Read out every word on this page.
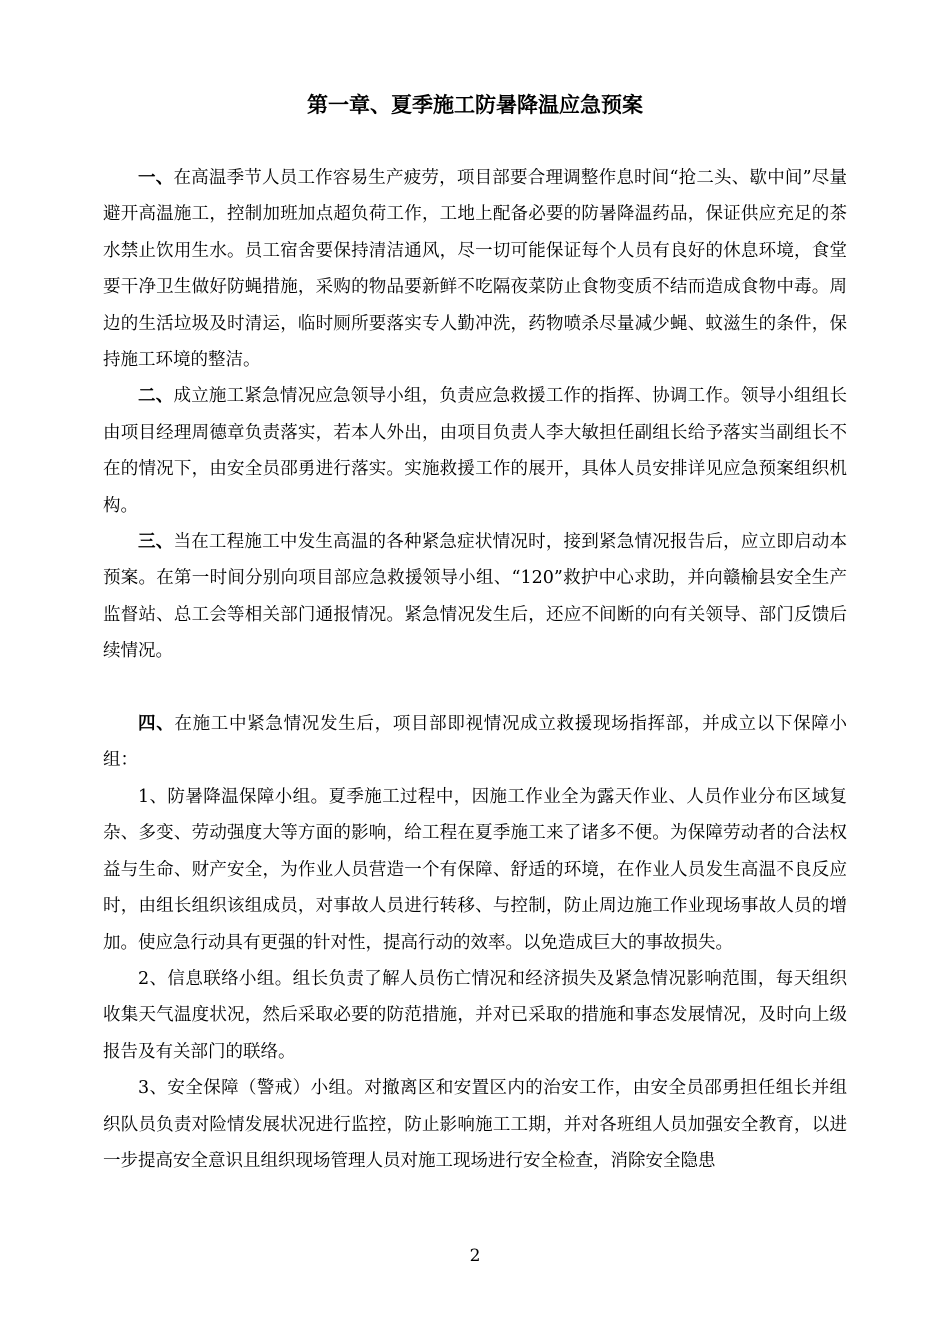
第一章、夏季施工防暑降温应急预案

一、在高温季节人员工作容易生产疲劳，项目部要合理调整作息时间“抢二头、歇中间”尽量避开高温施工，控制加班加点超负荷工作，工地上配备必要的防暑降温药品，保证供应充足的茶水禁止饮用生水。员工宿舍要保持清洁通风，尽一切可能保证每个人员有良好的休息环境，食堂要干净卫生做好防蝇措施，采购的物品要新鲜不吃隔夜菜防止食物变质不结而造成食物中毒。周边的生活垃圾及时清运，临时厕所要落实专人勤冲洗，药物喷杀尽量减少蝇、蚊滋生的条件，保持施工环境的整洁。

二、成立施工紧急情况应急领导小组，负责应急救援工作的指挥、协调工作。领导小组组长由项目经理周德章负责落实，若本人外出，由项目负责人李大敏担任副组长给予落实当副组长不在的情况下，由安全员邵勇进行落实。实施救援工作的展开，具体人员安排详见应急预案组织机构。

三、当在工程施工中发生高温的各种紧急症状情况时，接到紧急情况报告后，应立即启动本预案。在第一时间分别向项目部应急救援领导小组、“120”救护中心求助，并向赣榆县安全生产监督站、总工会等相关部门通报情况。紧急情况发生后，还应不间断的向有关领导、部门反馈后续情况。

四、在施工中紧急情况发生后，项目部即视情况成立救援现场指挥部，并成立以下保障小组：

1、防暑降温保障小组。夏季施工过程中，因施工作业全为露天作业、人员作业分布区域复杂、多变、劳动强度大等方面的影响，给工程在夏季施工来了诸多不便。为保障劳动者的合法权益与生命、财产安全，为作业人员营造一个有保障、舒适的环境，在作业人员发生高温不良反应时，由组长组织该组成员，对事故人员进行转移、与控制，防止周边施工作业现场事故人员的增加。使应急行动具有更强的针对性，提高行动的效率。以免造成巨大的事故损失。

2、信息联络小组。组长负责了解人员伤亡情况和经济损失及紧急情况影响范围，每天组织收集天气温度状况，然后采取必要的防范措施，并对已采取的措施和事态发展情况，及时向上级报告及有关部门的联络。

3、安全保障（警戒）小组。对撤离区和安置区内的治安工作，由安全员邵勇担任组长并组织队员负责对险情发展状况进行监控，防止影响施工工期，并对各班组人员加强安全教育，以进一步提高安全意识且组织现场管理人员对施工现场进行安全检查，消除安全隐患

2
